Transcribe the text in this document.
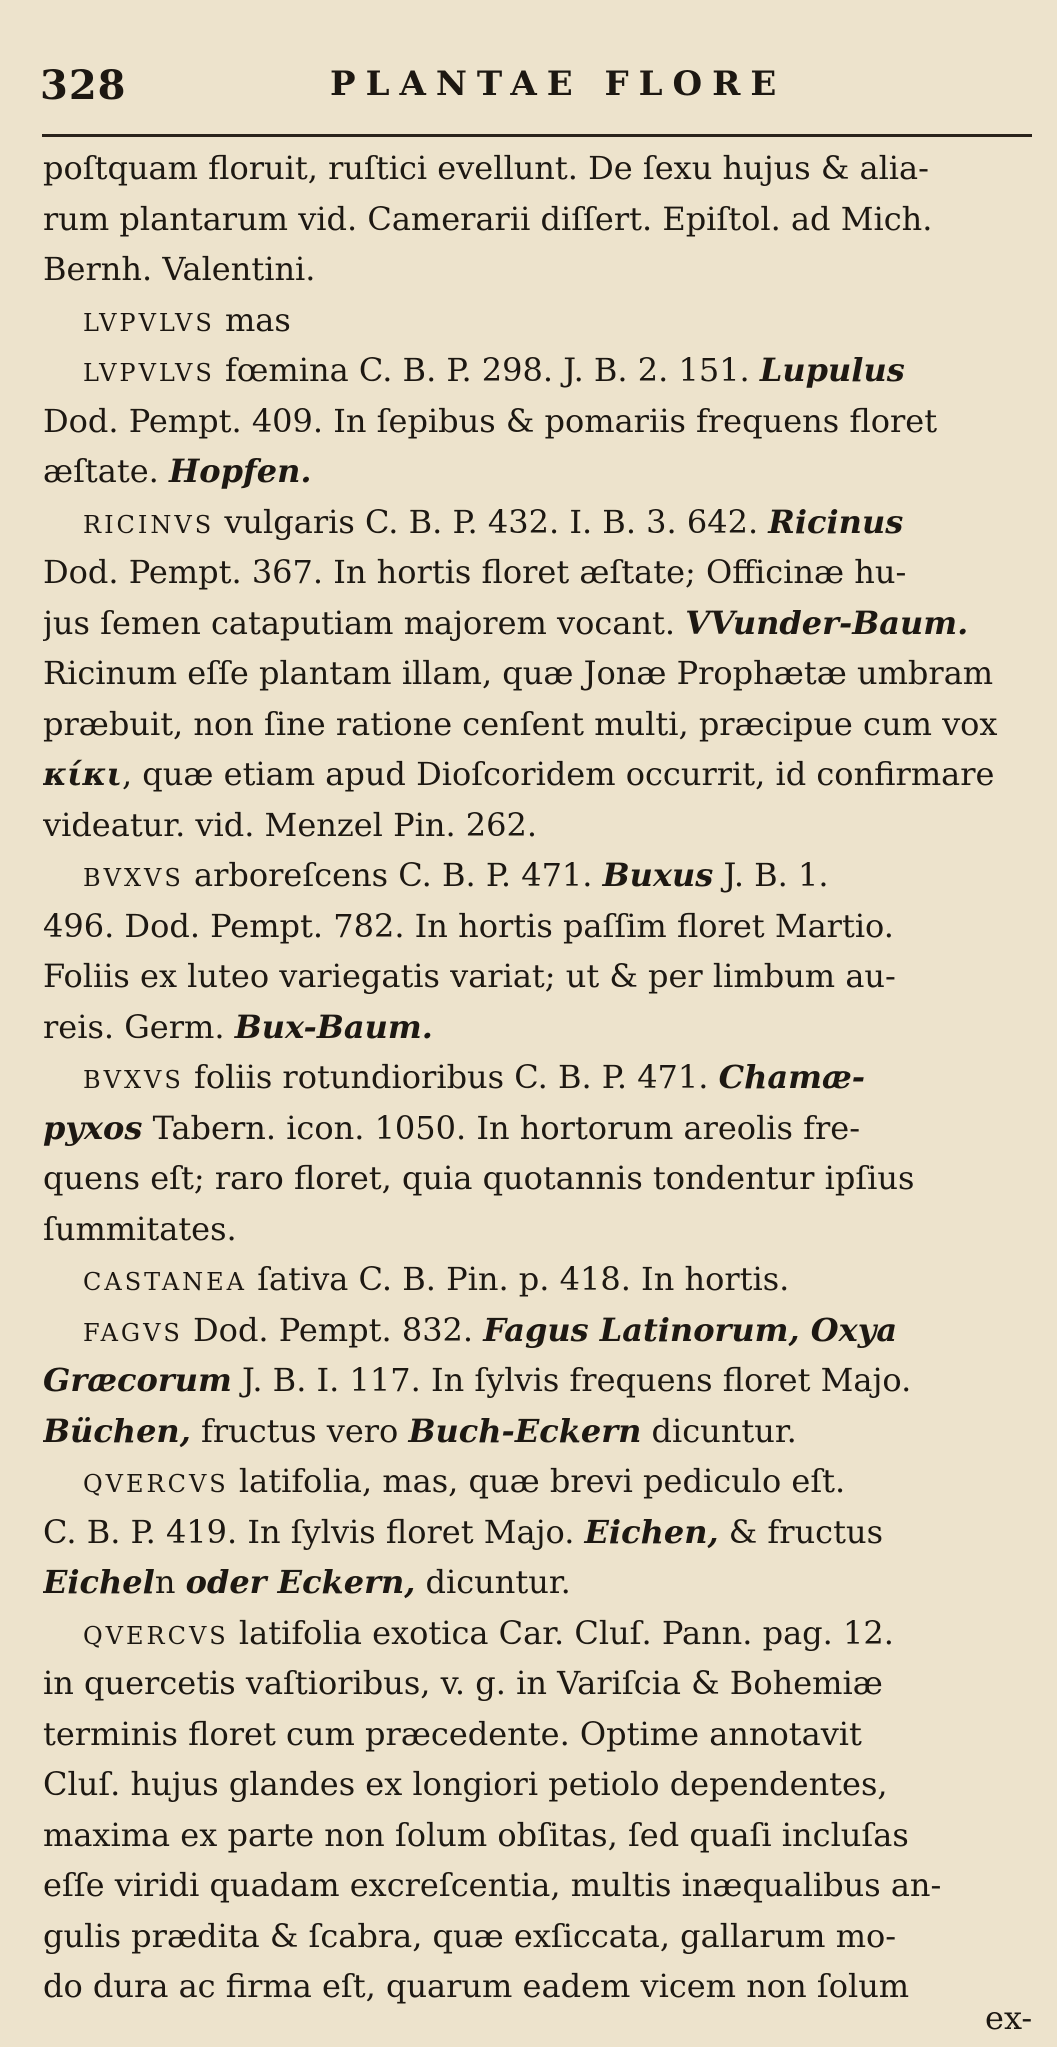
328	PLANTAE FLORE
poſtquam floruit, ruſtici evellunt. De ſexu hujus & alia-
rum plantarum vid. Camerarii diſſert. Epiſtol. ad Mich.
Bernh. Valentini.
LVPVLVS mas
LVPVLVS fœmina C. B. P. 298. J. B. 2. 151. Lupulus
Dod. Pempt. 409. In ſepibus & pomariis frequens floret
æſtate. Hopfen.
RICINVS vulgaris C. B. P. 432. I. B. 3. 642. Ricinus
Dod. Pempt. 367. In hortis floret æſtate; Officinæ hu-
jus ſemen cataputiam majorem vocant. VVunder-Baum.
Ricinum eſſe plantam illam, quæ Jonæ Prophætæ umbram
præbuit, non ſine ratione cenſent multi, præcipue cum vox
κίκι, quæ etiam apud Dioſcoridem occurrit, id confirmare
videatur. vid. Menzel Pin. 262.
BVXVS arboreſcens C. B. P. 471. Buxus J. B. 1.
496. Dod. Pempt. 782. In hortis paſſim floret Martio.
Foliis ex luteo variegatis variat; ut & per limbum au-
reis. Germ. Bux-Baum.
BVXVS foliis rotundioribus C. B. P. 471. Chamæ-
pyxos Tabern. icon. 1050. In hortorum areolis fre-
quens eſt; raro floret, quia quotannis tondentur ipſius
ſummitates.
CASTANEA ſativa C. B. Pin. p. 418. In hortis.
FAGVS Dod. Pempt. 832. Fagus Latinorum, Oxya
Græcorum J. B. I. 117. In ſylvis frequens floret Majo.
Büchen, fructus vero Buch-Eckern dicuntur.
QVERCVS latifolia, mas, quæ brevi pediculo eſt.
C. B. P. 419. In ſylvis floret Majo. Eichen, & fructus
Eicheln oder Eckern, dicuntur.
QVERCVS latifolia exotica Car. Cluſ. Pann. pag. 12.
in quercetis vaſtioribus, v. g. in Variſcia & Bohemiæ
terminis floret cum præcedente. Optime annotavit
Cluſ. hujus glandes ex longiori petiolo dependentes,
maxima ex parte non ſolum obſitas, ſed quaſi incluſas
eſſe viridi quadam excreſcentia, multis inæqualibus an-
gulis prædita & ſcabra, quæ exſiccata, gallarum mo-
do dura ac firma eſt, quarum eadem vicem non ſolum
ex-
